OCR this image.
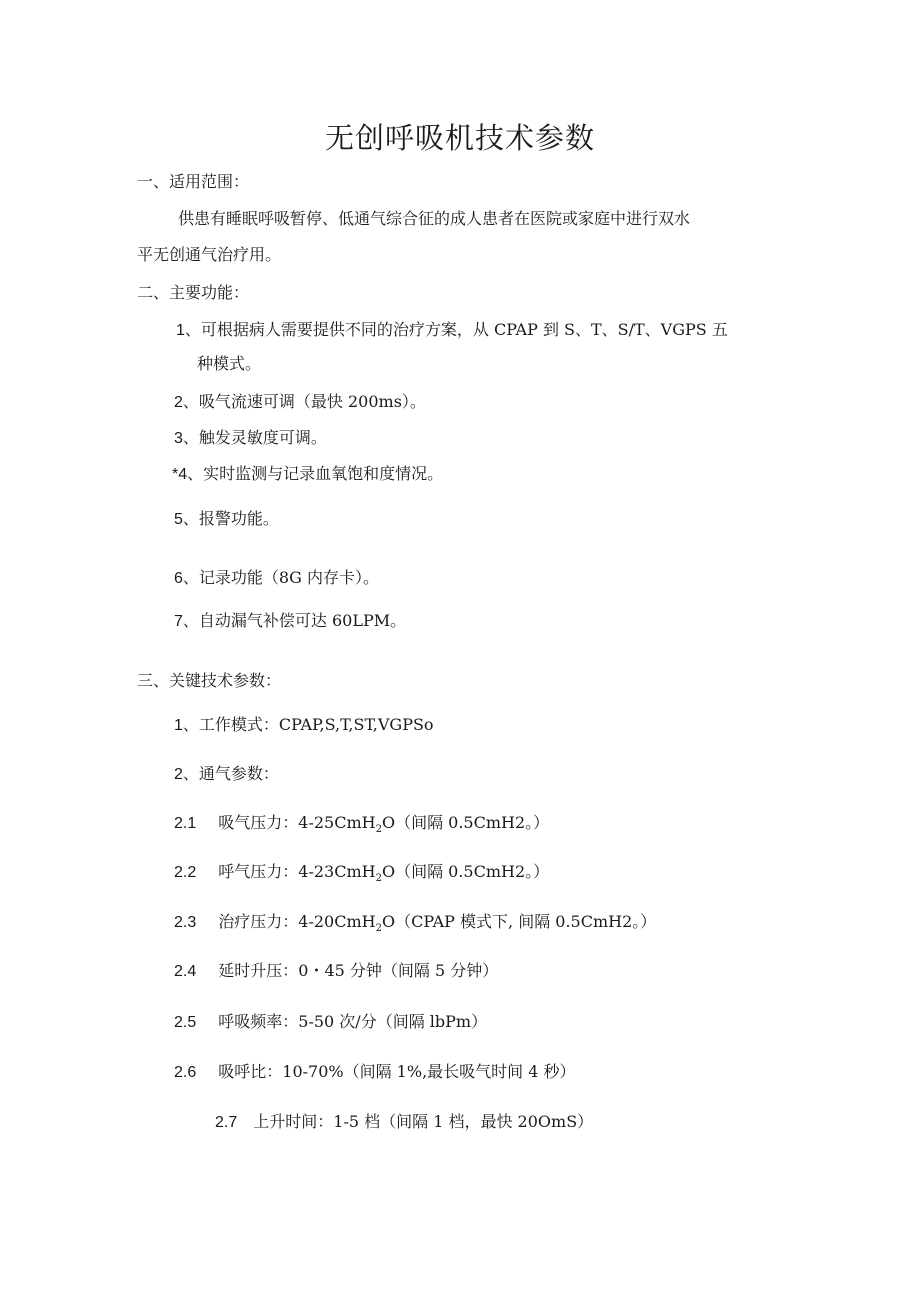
无创呼吸机技术参数
一、适用范围：
供患有睡眠呼吸暂停、低通气综合征的成人患者在医院或家庭中进行双水
平无创通气治疗用。
二、主要功能：
1、可根据病人需要提供不同的治疗方案，从 CPAP 到 S、T、S/T、VGPS 五
种模式。
2、吸气流速可调（最快 200ms）。
3、触发灵敏度可调。
*4、实时监测与记录血氧饱和度情况。
5、报警功能。
6、记录功能（8G 内存卡）。
7、自动漏气补偿可达 60LPM。
三、关键技术参数：
1、工作模式：CPAP,S,T,ST,VGPSo
2、通气参数：
2.1 吸气压力：4-25CmH$_2$O（间隔 0.5CmH2。）
2.2 呼气压力：4-23CmH$_2$O（间隔 0.5CmH2。）
2.3 治疗压力：4-20CmH$_2$O（CPAP 模式下, 间隔 0.5CmH2。）
2.4 延时升压：0・45 分钟（间隔 5 分钟）
2.5 呼吸频率：5-50 次/分（间隔 lbPm）
2.6 吸呼比：10-70%（间隔 1%,最长吸气时间 4 秒）
2.7 上升时间：1-5 档（间隔 1 档，最快 20OmS）
